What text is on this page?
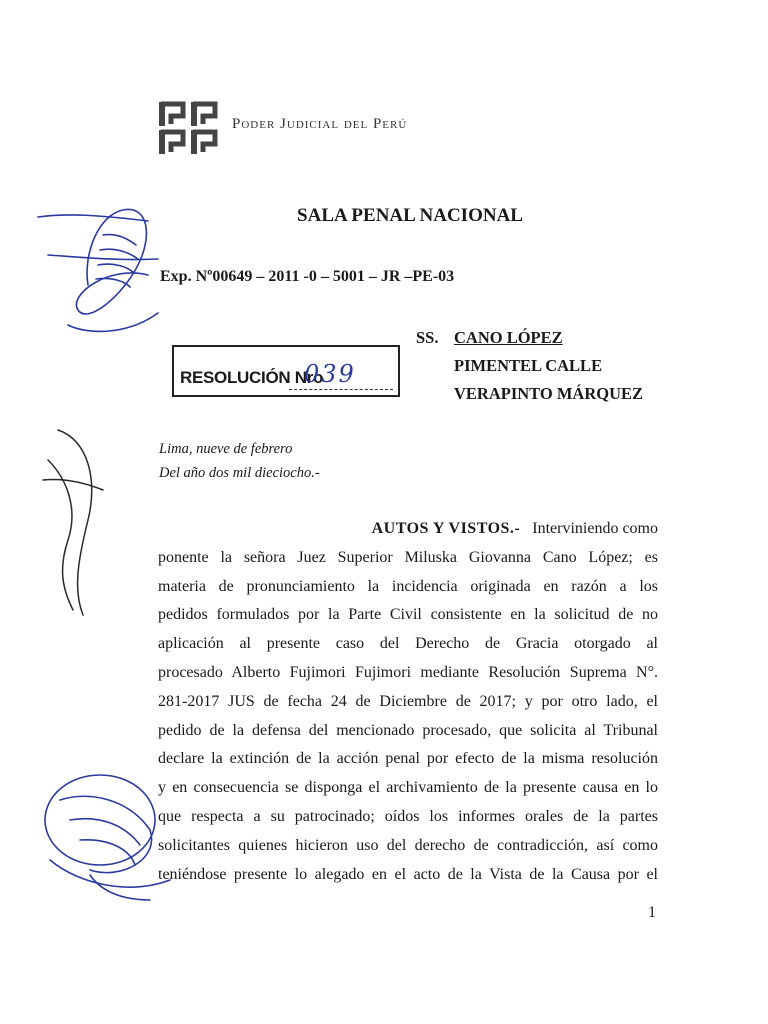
Poder Judicial del Perú
SALA PENAL NACIONAL
Exp. Nº00649 – 2011 -0 – 5001 – JR –PE-03
SS. CANO LÓPEZ
PIMENTEL CALLE
VERAPINTO MÁRQUEZ
RESOLUCIÓN Nro
039
Lima, nueve de febrero
Del año dos mil dieciocho.-
AUTOS Y VISTOS.- Interviniendo como
ponente la señora Juez Superior Miluska Giovanna Cano López; es
materia de pronunciamiento la incidencia originada en razón a los
pedidos formulados por la Parte Civil consistente en la solicitud de no
aplicación al presente caso del Derecho de Gracia otorgado al
procesado Alberto Fujimori Fujimori mediante Resolución Suprema N°.
281-2017 JUS de fecha 24 de Diciembre de 2017; y por otro lado, el
pedido de la defensa del mencionado procesado, que solicita al Tribunal
declare la extinción de la acción penal por efecto de la misma resolución
y en consecuencia se disponga el archivamiento de la presente causa en lo
que respecta a su patrocinado; oídos los informes orales de la partes
solicitantes quienes hicieron uso del derecho de contradicción, así como
teniéndose presente lo alegado en el acto de la Vista de la Causa por el
1
